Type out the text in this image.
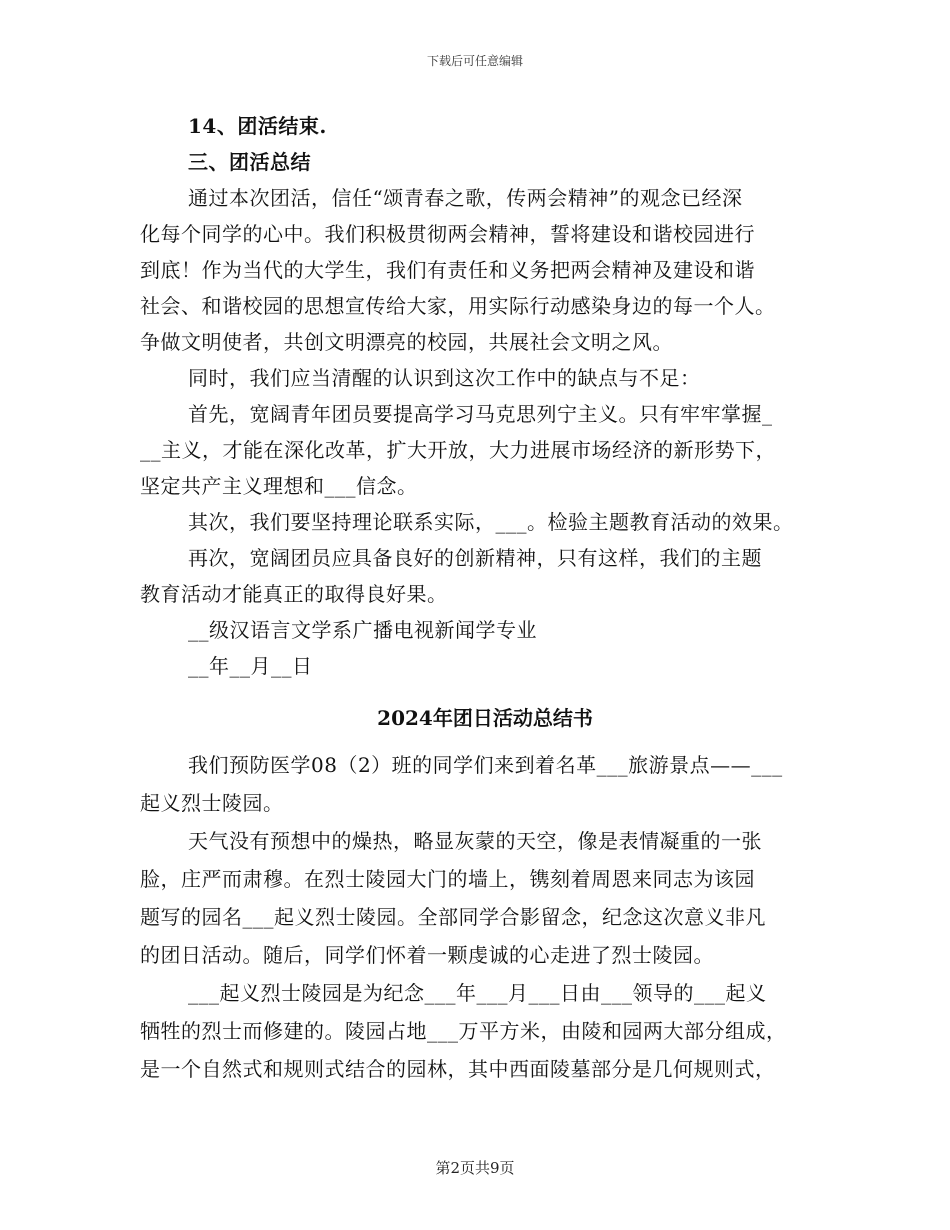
下载后可任意编辑
14、团活结束.
三、团活总结
通过本次团活，信任“颂青春之歌，传两会精神”的观念已经深
化每个同学的心中。我们积极贯彻两会精神，誓将建设和谐校园进行
到底！作为当代的大学生，我们有责任和义务把两会精神及建设和谐
社会、和谐校园的思想宣传给大家，用实际行动感染身边的每一个人。
争做文明使者，共创文明漂亮的校园，共展社会文明之风。
同时，我们应当清醒的认识到这次工作中的缺点与不足：
首先，宽阔青年团员要提高学习马克思列宁主义。只有牢牢掌握_
__主义，才能在深化改革，扩大开放，大力进展市场经济的新形势下，
坚定共产主义理想和___信念。
其次，我们要坚持理论联系实际，___。检验主题教育活动的效果。
再次，宽阔团员应具备良好的创新精神，只有这样，我们的主题
教育活动才能真正的取得良好果。
__级汉语言文学系广播电视新闻学专业
__年__月__日
2024年团日活动总结书
我们预防医学08（2）班的同学们来到着名革___旅游景点——___
起义烈士陵园。
天气没有预想中的燥热，略显灰蒙的天空，像是表情凝重的一张
脸，庄严而肃穆。在烈士陵园大门的墙上，镌刻着周恩来同志为该园
题写的园名___起义烈士陵园。全部同学合影留念，纪念这次意义非凡
的团日活动。随后，同学们怀着一颗虔诚的心走进了烈士陵园。
___起义烈士陵园是为纪念___年___月___日由___领导的___起义
牺牲的烈士而修建的。陵园占地___万平方米，由陵和园两大部分组成，
是一个自然式和规则式结合的园林，其中西面陵墓部分是几何规则式，
第2页共9页
